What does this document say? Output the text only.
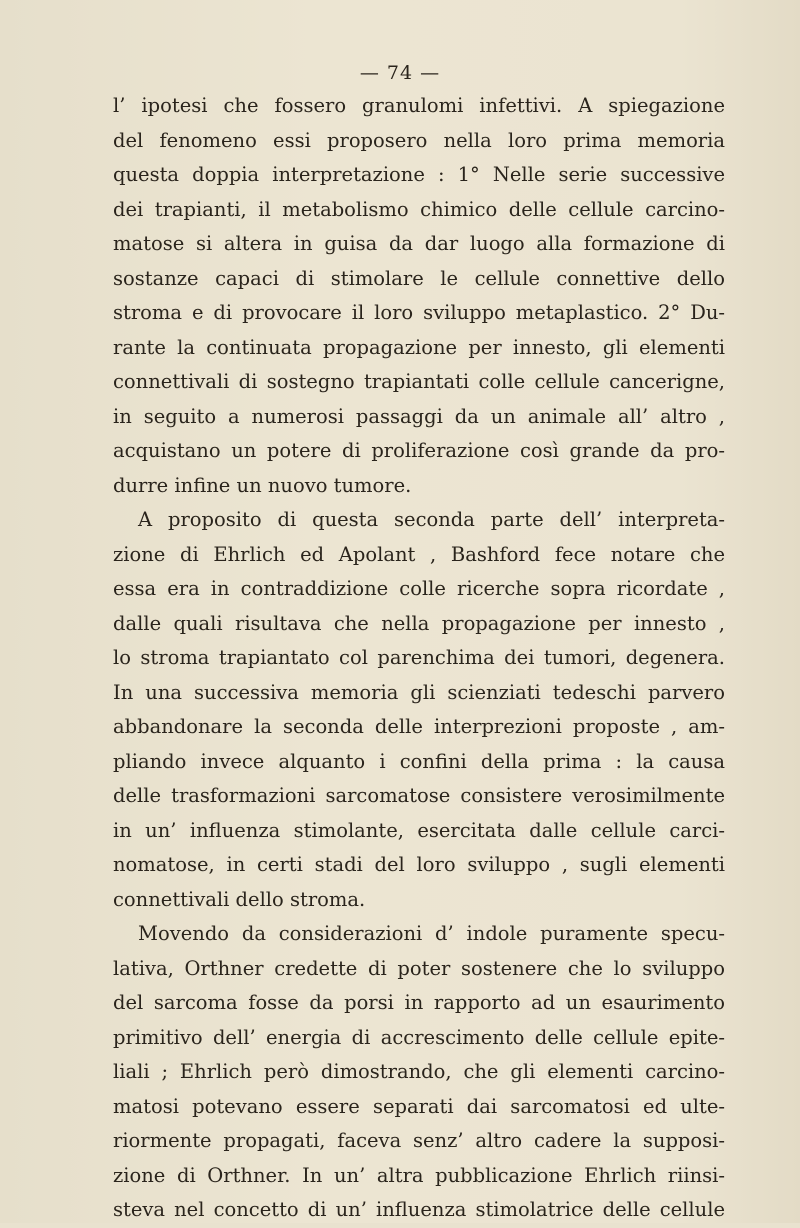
— 74 —
l’ ipotesi che fossero granulomi infettivi. A spiegazione
del fenomeno essi proposero nella loro prima memoria
questa doppia interpretazione : 1° Nelle serie successive
dei trapianti, il metabolismo chimico delle cellule carcino-
matose si altera in guisa da dar luogo alla formazione di
sostanze capaci di stimolare le cellule connettive dello
stroma e di provocare il loro sviluppo metaplastico. 2° Du-
rante la continuata propagazione per innesto, gli elementi
connettivali di sostegno trapiantati colle cellule cancerigne,
in seguito a numerosi passaggi da un animale all’ altro ,
acquistano un potere di proliferazione così grande da pro-
durre infine un nuovo tumore.
A proposito di questa seconda parte dell’ interpreta-
zione di Ehrlich ed Apolant , Bashford fece notare che
essa era in contraddizione colle ricerche sopra ricordate ,
dalle quali risultava che nella propagazione per innesto ,
lo stroma trapiantato col parenchima dei tumori, degenera.
In una successiva memoria gli scienziati tedeschi parvero
abbandonare la seconda delle interprezioni proposte , am-
pliando invece alquanto i confini della prima : la causa
delle trasformazioni sarcomatose consistere verosimilmente
in un’ influenza stimolante, esercitata dalle cellule carci-
nomatose, in certi stadi del loro sviluppo , sugli elementi
connettivali dello stroma.
Movendo da considerazioni d’ indole puramente specu-
lativa, Orthner credette di poter sostenere che lo sviluppo
del sarcoma fosse da porsi in rapporto ad un esaurimento
primitivo dell’ energia di accrescimento delle cellule epite-
liali ; Ehrlich però dimostrando, che gli elementi carcino-
matosi potevano essere separati dai sarcomatosi ed ulte-
riormente propagati, faceva senz’ altro cadere la supposi-
zione di Orthner. In un’ altra pubblicazione Ehrlich riinsi-
steva nel concetto di un’ influenza stimolatrice delle cellule
